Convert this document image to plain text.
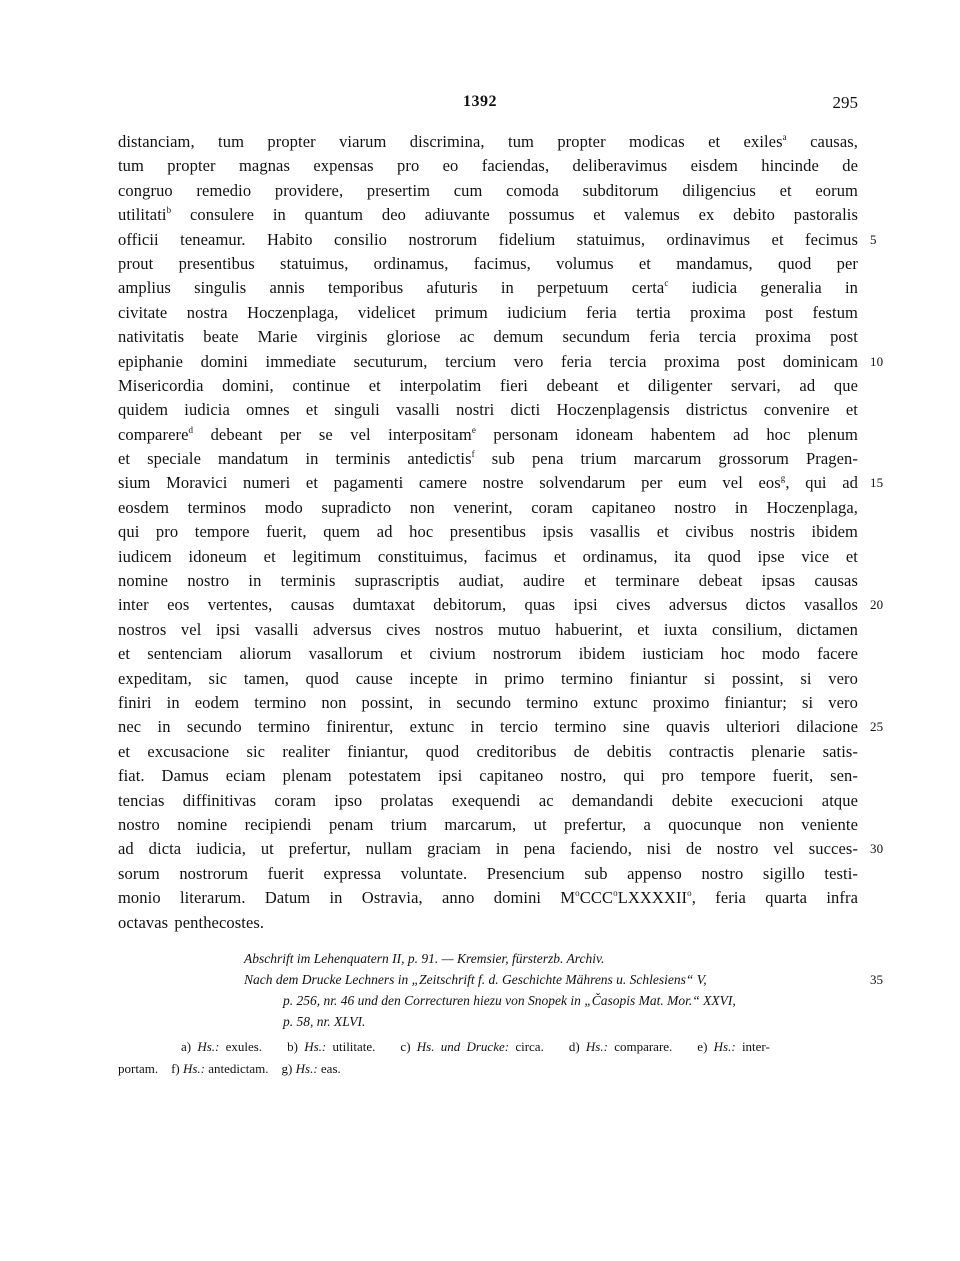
1392	295
distanciam, tum propter viarum discrimina, tum propter modicas et exiles$^a$ causas,
tum propter magnas expensas pro eo faciendas, deliberavimus eisdem hincinde de
congruo remedio providere, presertim cum comoda subditorum diligencius et eorum
utilitati$^b$ consulere in quantum deo adiuvante possumus et valemus ex debito pastoralis
officii teneamur. Habito consilio nostrorum fidelium statuimus, ordinavimus et fecimus 5
prout presentibus statuimus, ordinamus, facimus, volumus et mandamus, quod per
amplius singulis annis temporibus afuturis in perpetuum certa$^c$ iudicia generalia in
civitate nostra Hoczenplaga, videlicet primum iudicium feria tertia proxima post festum
nativitatis beate Marie virginis gloriose ac demum secundum feria tercia proxima post
epiphanie domini immediate secuturum, tercium vero feria tercia proxima post dominicam 10
Misericordia domini, continue et interpolatim fieri debeant et diligenter servari, ad que
quidem iudicia omnes et singuli vasalli nostri dicti Hoczenplagensis districtus convenire et
comparere$^d$ debeant per se vel interpositam$^e$ personam idoneam habentem ad hoc plenum
et speciale mandatum in terminis antedictis$^f$ sub pena trium marcarum grossorum Pragen-
sium Moravici numeri et pagamenti camere nostre solvendarum per eum vel eos$^g$, qui ad 15
eosdem terminos modo supradicto non venerint, coram capitaneo nostro in Hoczenplaga,
qui pro tempore fuerit, quem ad hoc presentibus ipsis vasallis et civibus nostris ibidem
iudicem idoneum et legitimum constituimus, facimus et ordinamus, ita quod ipse vice et
nomine nostro in terminis suprascriptis audiat, audire et terminare debeat ipsas causas
inter eos vertentes, causas dumtaxat debitorum, quas ipsi cives adversus dictos vasallos 20
nostros vel ipsi vasalli adversus cives nostros mutuo habuerint, et iuxta consilium, dictamen
et sentenciam aliorum vasallorum et civium nostrorum ibidem iusticiam hoc modo facere
expeditam, sic tamen, quod cause incepte in primo termino finiantur si possint, si vero
finiri in eodem termino non possint, in secundo termino extunc proximo finiantur; si vero
nec in secundo termino finirentur, extunc in tercio termino sine quavis ulteriori dilacione 25
et excusacione sic realiter finiantur, quod creditoribus de debitis contractis plenarie satis-
fiat. Damus eciam plenam potestatem ipsi capitaneo nostro, qui pro tempore fuerit, sen-
tencias diffinitivas coram ipso prolatas exequendi ac demandandi debite execucioni atque
nostro nomine recipiendi penam trium marcarum, ut prefertur, a quocunque non veniente
ad dicta iudicia, ut prefertur, nullam graciam in pena faciendo, nisi de nostro vel succes- 30
sorum nostrorum fuerit expressa voluntate. Presencium sub appenso nostro sigillo testi-
monio literarum. Datum in Ostravia, anno domini $M^oCCC^oLXXXXII^o$, feria quarta infra
octavas penthecostes.
Abschrift im Lehenquatern II, p. 91. — Kremsier, fürsterzb. Archiv.
Nach dem Drucke Lechners in „Zeitschrift f. d. Geschichte Mährens u. Schlesiens“ V,	35
p. 256, nr. 46 und den Correcturen hiezu von Snopek in „Časopis Mat. Mor.“ XXVI,
p. 58, nr. XLVI.
a) Hs.: exules.    b) Hs.: utilitate.    c) Hs. und Drucke: circa.    d) Hs.: comparare.    e) Hs.: inter-
portam.    f) Hs.: antedictam.    g) Hs.: eas.
